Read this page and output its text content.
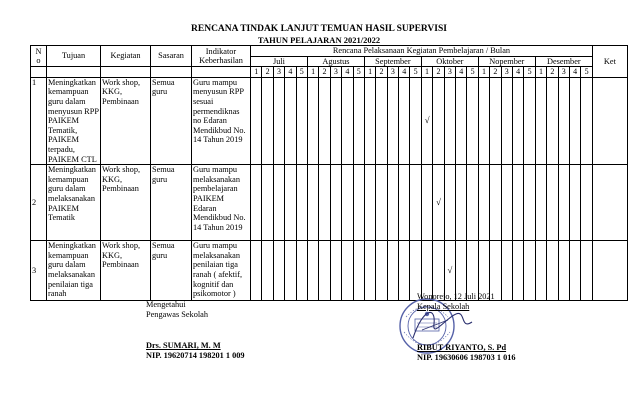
RENCANA TINDAK LANJUT TEMUAN HASIL SUPERVISI
TAHUN PELAJARAN 2021/2022
N
o	Tujuan	Kegiatan	Sasaran	Indikator Keberhasilan	Rencana Pelaksanaan Kegiatan Pembelajaran / Bulan																														Ket
					Juli					Agustus					September					Oktober					Nopember					Desember					
					1	2	3	4	5	1	2	3	4	5	1	2	3	4	5	1	2	3	4	5	1	2	3	4	5	1	2	3	4	5	
1	Meningkatkan kemampuan guru dalam menyusun RPP PAIKEM Tematik, PAIKEM terpadu, PAIKEM CTL	Work shop, KKG, Pembinaan	Semua guru	Guru mampu menyusun RPP sesuai permendiknas no Edaran Mendikbud No. 14 Tahun 2019																√															
2	Meningkatkan kemampuan guru dalam melaksanakan PAIKEM Tematik	Work shop, KKG, Pembinaan	Semua guru	Guru mampu melaksanakan pembelajaran PAIKEM Edaran Mendikbud No. 14 Tahun 2019																	√														
3	Meningkatkan kemampuan guru dalam melaksanakan penilaian tiga ranah	Work shop, KKG, Pembinaan	Semua guru	Guru mampu melaksanakan penilaian tiga ranah ( afektif, kognitif dan psikomotor )																		√													
Mengetahui
Pengawas Sekolah
Drs. SUMARI, M. M
NIP. 19620714 198201 1 009
Wonorejo, 12 Juli 2021
Kepala Sekolah
RIBUT RIYANTO, S. Pd
NIP. 19630606 198703 1 016
